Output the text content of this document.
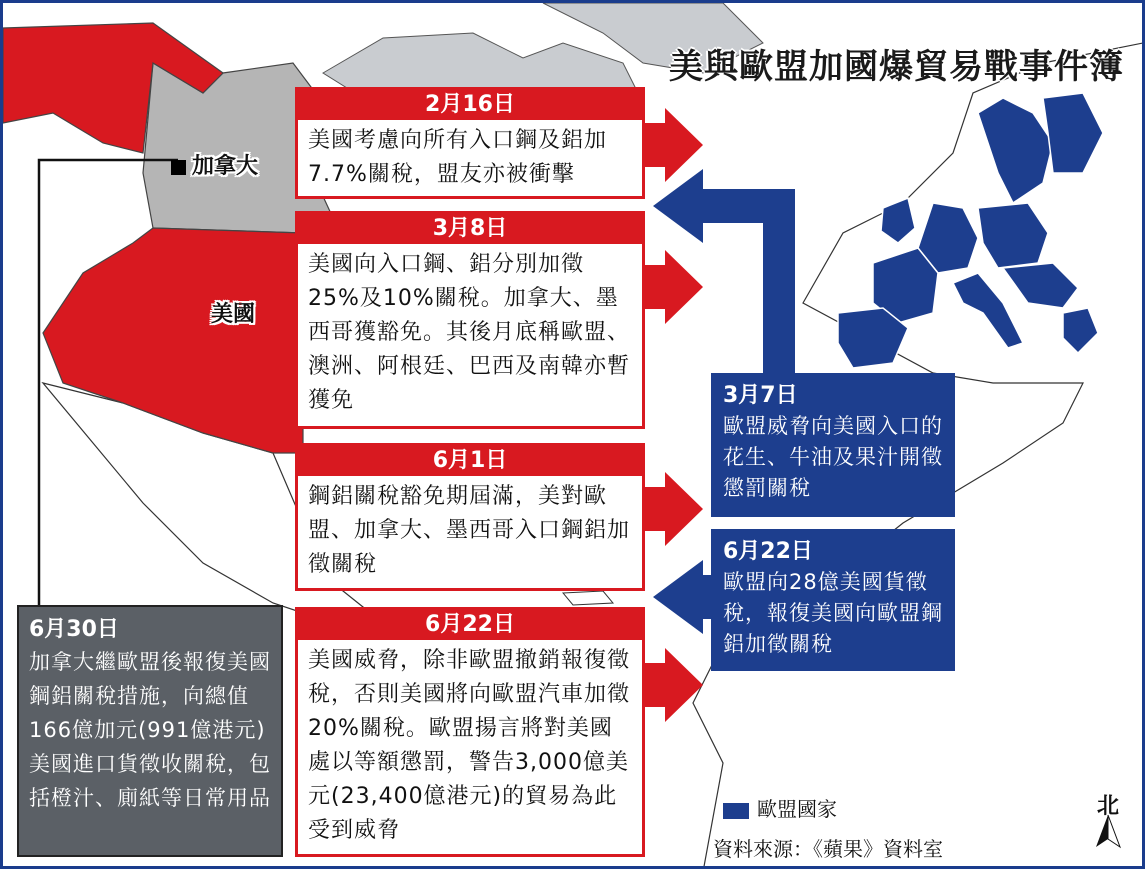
美與歐盟加國爆貿易戰事件簿
加拿大
美國
2月16日
美國考慮向所有入口鋼及鋁加7.7%關稅，盟友亦被衝擊
3月8日
美國向入口鋼、鋁分別加徵25%及10%關稅。加拿大、墨西哥獲豁免。其後月底稱歐盟、澳洲、阿根廷、巴西及南韓亦暫獲免
6月1日
鋼鋁關稅豁免期屆滿，美對歐盟、加拿大、墨西哥入口鋼鋁加徵關稅
6月22日
美國威脅，除非歐盟撤銷報復徵稅，否則美國將向歐盟汽車加徵20%關稅。歐盟揚言將對美國處以等額懲罰，警告3,000億美元(23,400億港元)的貿易為此受到威脅
3月7日
歐盟威脅向美國入口的花生、牛油及果汁開徵懲罰關稅
6月22日
歐盟向28億美國貨徵稅，報復美國向歐盟鋼鋁加徵關稅
6月30日
加拿大繼歐盟後報復美國鋼鋁關稅措施，向總值166億加元(991億港元)美國進口貨徵收關稅，包括橙汁、廁紙等日常用品	歐盟國家
資料來源：《蘋果》資料室
北
